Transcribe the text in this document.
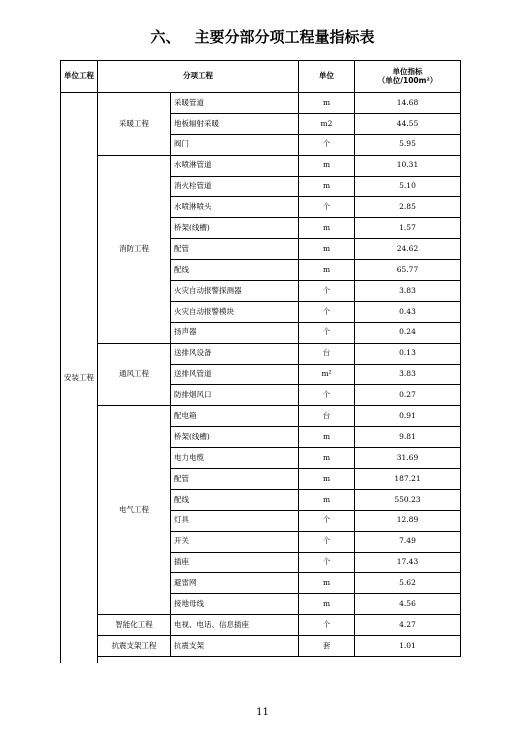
六、 主要分部分项工程量指标表
单位工程	分项工程		单位	单位指标
（单位/100m²）

安装工程	采暖工程	采暖管道	m	14.68
		地板辐射采暖	m2	44.55
		阀门	个	5.95
	消防工程	水喷淋管道	m	10.31
		消火栓管道	m	5.10
		水喷淋喷头	个	2.85
		桥架(线槽)	m	1.57
		配管	m	24.62
		配线	m	65.77
		火灾自动报警探测器	个	3.83
		火灾自动报警模块	个	0.43
		扬声器	个	0.24
	通风工程	送排风设备	台	0.13
		送排风管道	m²	3.83
		防排烟风口	个	0.27
	电气工程	配电箱	台	0.91
		桥架(线槽)	m	9.81
		电力电缆	m	31.69
		配管	m	187.21
		配线	m	550.23
		灯具	个	12.89
		开关	个	7.49
		插座	个	17.43
		避雷网	m	5.62
		接地母线	m	4.56
	智能化工程	电视、电话、信息插座	个	4.27
	抗震支架工程	抗震支架	套	1.01

11
